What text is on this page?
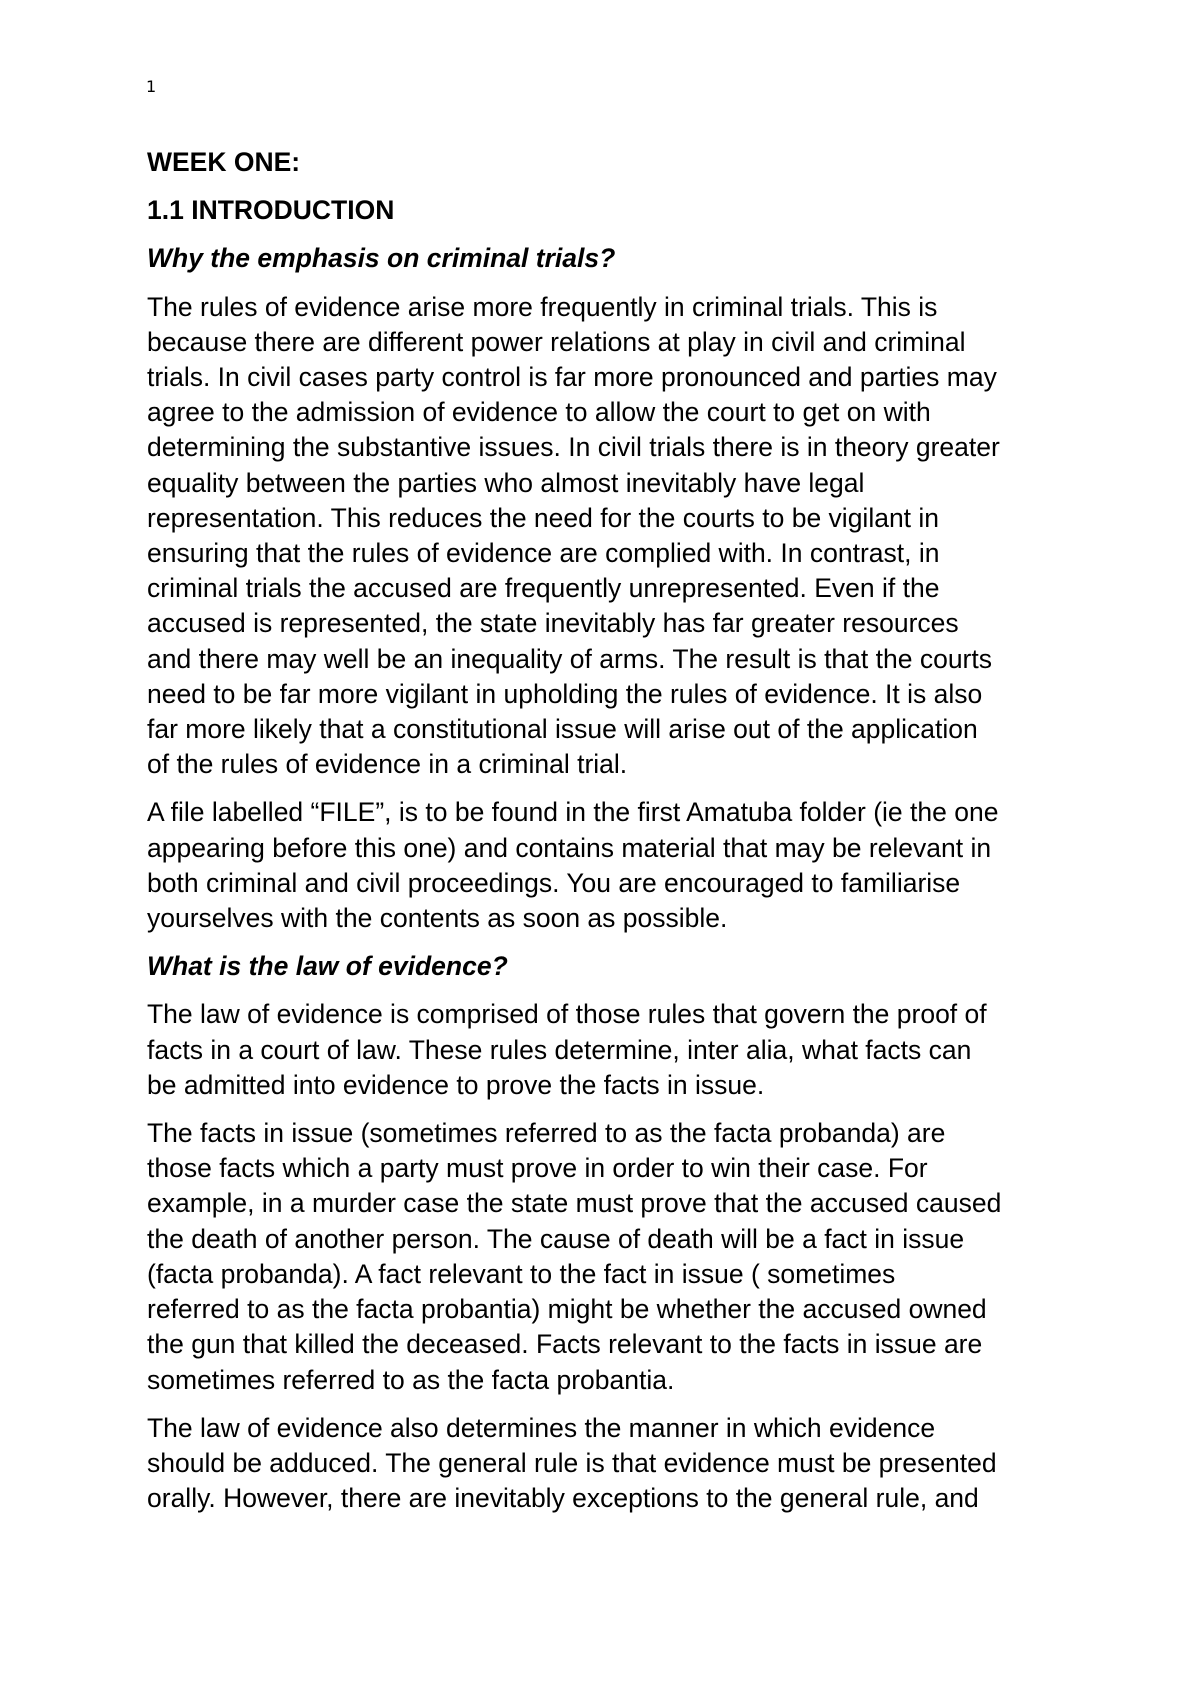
1
WEEK ONE:
1.1 INTRODUCTION
Why the emphasis on criminal trials?
The rules of evidence arise more frequently in criminal trials. This is
because there are different power relations at play in civil and criminal
trials. In civil cases party control is far more pronounced and parties may
agree to the admission of evidence to allow the court to get on with
determining the substantive issues. In civil trials there is in theory greater
equality between the parties who almost inevitably have legal
representation. This reduces the need for the courts to be vigilant in
ensuring that the rules of evidence are complied with. In contrast, in
criminal trials the accused are frequently unrepresented. Even if the
accused is represented, the state inevitably has far greater resources
and there may well be an inequality of arms. The result is that the courts
need to be far more vigilant in upholding the rules of evidence. It is also
far more likely that a constitutional issue will arise out of the application
of the rules of evidence in a criminal trial.
A file labelled “FILE”, is to be found in the first Amatuba folder (ie the one
appearing before this one) and contains material that may be relevant in
both criminal and civil proceedings. You are encouraged to familiarise
yourselves with the contents as soon as possible.
What is the law of evidence?
The law of evidence is comprised of those rules that govern the proof of
facts in a court of law. These rules determine, inter alia, what facts can
be admitted into evidence to prove the facts in issue.
The facts in issue (sometimes referred to as the facta probanda) are
those facts which a party must prove in order to win their case. For
example, in a murder case the state must prove that the accused caused
the death of another person. The cause of death will be a fact in issue
(facta probanda). A fact relevant to the fact in issue ( sometimes
referred to as the facta probantia) might be whether the accused owned
the gun that killed the deceased. Facts relevant to the facts in issue are
sometimes referred to as the facta probantia.
The law of evidence also determines the manner in which evidence
should be adduced. The general rule is that evidence must be presented
orally. However, there are inevitably exceptions to the general rule, and
